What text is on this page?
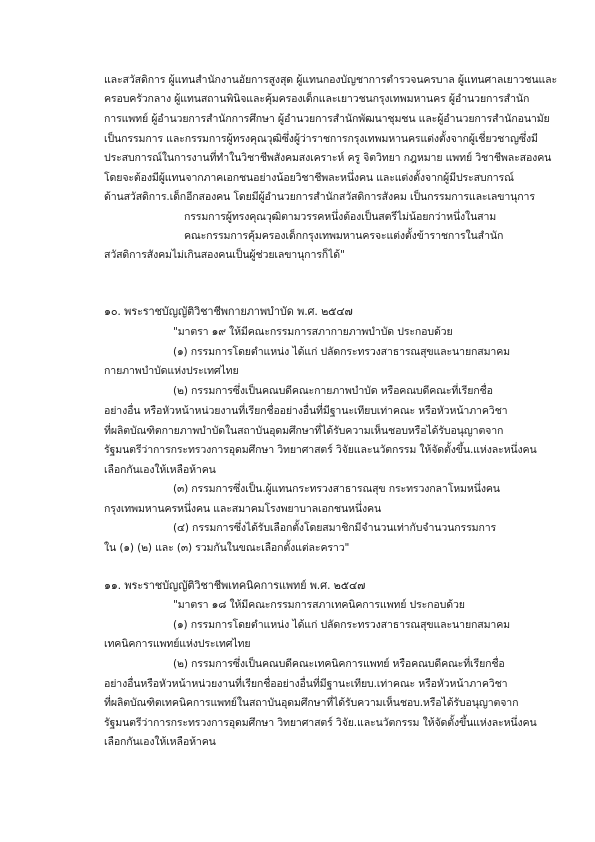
และสวัสดิการ ผู้แทนสำนักงานอัยการสูงสุด ผู้แทนกองบัญชาการตำรวจนครบาล ผู้แทนศาลเยาวชนและ
ครอบครัวกลาง ผู้แทนสถานพินิจและคุ้มครองเด็กและเยาวชนกรุงเทพมหานคร ผู้อำนวยการสำนัก
การแพทย์ ผู้อำนวยการสำนักการศึกษา ผู้อำนวยการสำนักพัฒนาชุมชน และผู้อำนวยการสำนักอนามัย
เป็นกรรมการ และกรรมการผู้ทรงคุณวุฒิซึ่งผู้ว่าราชการกรุงเทพมหานครแต่งตั้งจากผู้เชี่ยวชาญซึ่งมี
ประสบการณ์ในการงานที่ทำในวิชาชีพสังคมสงเคราะห์ ครู จิตวิทยา กฎหมาย แพทย์ วิชาชีพละสองคน
โดยจะต้องมีผู้แทนจากภาคเอกชนอย่างน้อยวิชาชีพละหนึ่งคน และแต่งตั้งจากผู้มีประสบการณ์
ด้านสวัสดิการ.เด็กอีกสองคน โดยมีผู้อำนวยการสำนักสวัสดิการสังคม เป็นกรรมการและเลขานุการ
กรรมการผู้ทรงคุณวุฒิตามวรรคหนึ่งต้องเป็นสตรีไม่น้อยกว่าหนึ่งในสาม
คณะกรรมการคุ้มครองเด็กกรุงเทพมหานครจะแต่งตั้งข้าราชการในสำนัก
สวัสดิการสังคมไม่เกินสองคนเป็นผู้ช่วยเลขานุการก็ได้"
๑๐. พระราชบัญญัติวิชาชีพกายภาพบำบัด พ.ศ. ๒๕๔๗
"มาตรา ๑๙ ให้มีคณะกรรมการสภากายภาพบำบัด ประกอบด้วย
(๑) กรรมการโดยตำแหน่ง ได้แก่ ปลัดกระทรวงสาธารณสุขและนายกสมาคม
กายภาพบำบัดแห่งประเทศไทย
(๒) กรรมการซึ่งเป็นคณบดีคณะกายภาพบำบัด หรือคณบดีคณะที่เรียกชื่อ
อย่างอื่น หรือหัวหน้าหน่วยงานที่เรียกชื่ออย่างอื่นที่มีฐานะเทียบเท่าคณะ หรือหัวหน้าภาควิชา
ที่ผลิตบัณฑิตกายภาพบำบัดในสถาบันอุดมศึกษาที่ได้รับความเห็นชอบหรือได้รับอนุญาตจาก
รัฐมนตรีว่าการกระทรวงการอุดมศึกษา วิทยาศาสตร์ วิจัยและนวัตกรรม ให้จัดตั้งขึ้น.แห่งละหนึ่งคน
เลือกกันเองให้เหลือห้าคน
(๓) กรรมการซึ่งเป็น.ผู้แทนกระทรวงสาธารณสุข กระทรวงกลาโหมหนึ่งคน
กรุงเทพมหานครหนึ่งคน และสมาคมโรงพยาบาลเอกชนหนึ่งคน
(๔) กรรมการซึ่งได้รับเลือกตั้งโดยสมาชิกมีจำนวนเท่ากับจำนวนกรรมการ
ใน (๑) (๒) และ (๓) รวมกันในขณะเลือกตั้งแต่ละคราว"
๑๑. พระราชบัญญัติวิชาชีพเทคนิคการแพทย์ พ.ศ. ๒๕๔๗
"มาตรา ๑๘ ให้มีคณะกรรมการสภาเทคนิคการแพทย์ ประกอบด้วย
(๑) กรรมการโดยตำแหน่ง ได้แก่ ปลัดกระทรวงสาธารณสุขและนายกสมาคม
เทคนิคการแพทย์แห่งประเทศไทย
(๒) กรรมการซึ่งเป็นคณบดีคณะเทคนิคการแพทย์ หรือคณบดีคณะที่เรียกชื่อ
อย่างอื่นหรือหัวหน้าหน่วยงานที่เรียกชื่ออย่างอื่นที่มีฐานะเทียบ.เท่าคณะ หรือหัวหน้าภาควิชา
ที่ผลิตบัณฑิตเทคนิคการแพทย์ในสถาบันอุดมศึกษาที่ได้รับความเห็นชอบ.หรือได้รับอนุญาตจาก
รัฐมนตรีว่าการกระทรวงการอุดมศึกษา วิทยาศาสตร์ วิจัย.และนวัตกรรม ให้จัดตั้งขึ้นแห่งละหนึ่งคน
เลือกกันเองให้เหลือห้าคน
